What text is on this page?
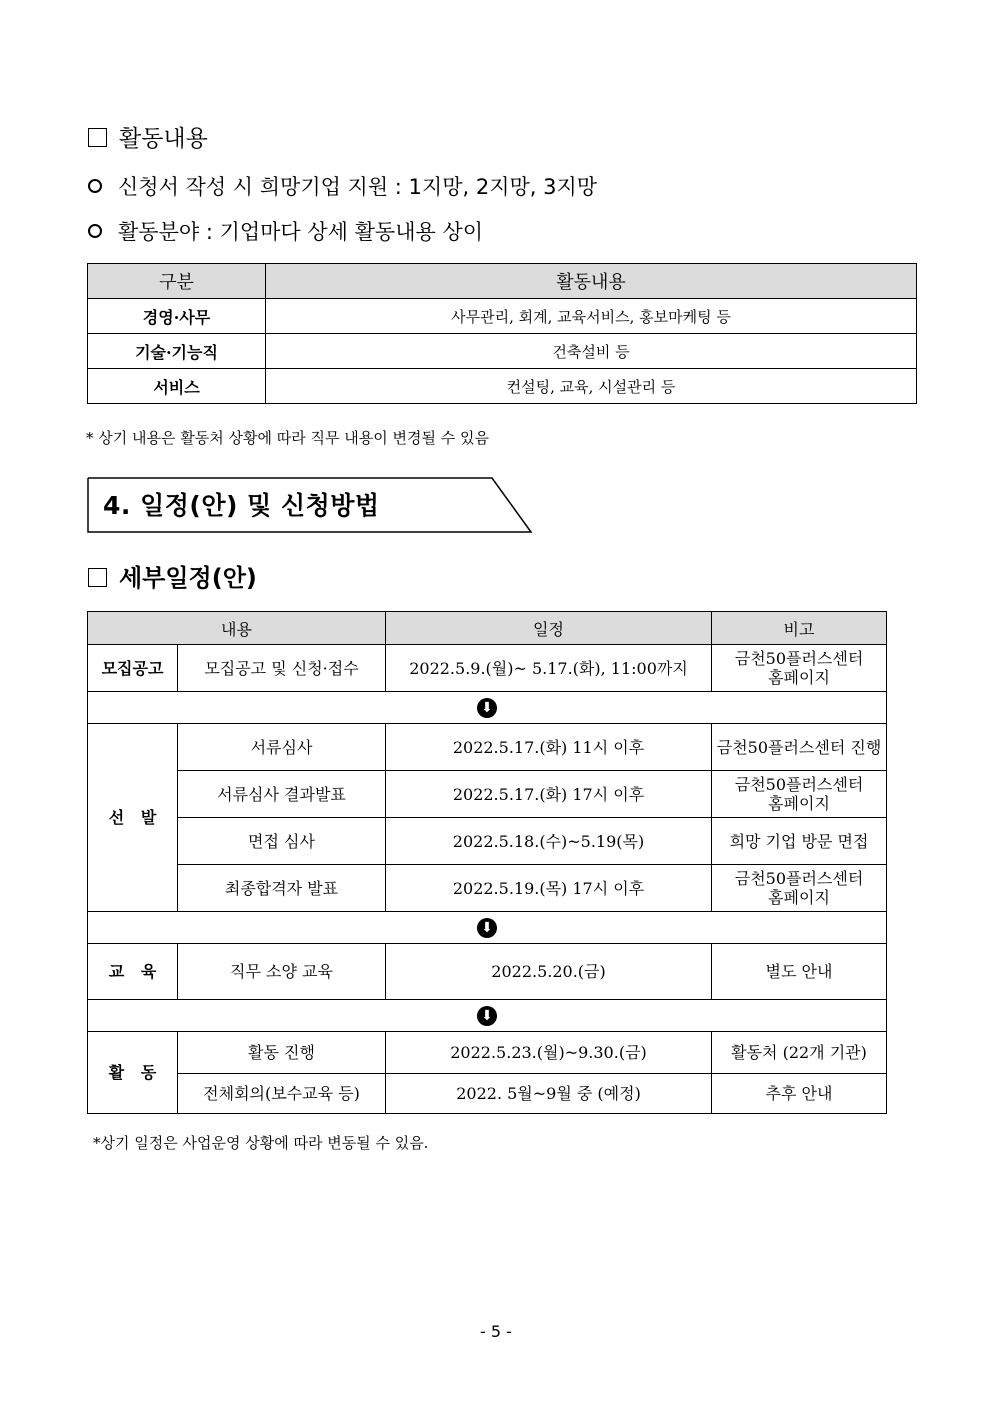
활동내용
신청서 작성 시 희망기업 지원 : 1지망, 2지망, 3지망
활동분야 : 기업마다 상세 활동내용 상이
구분	활동내용
경영·사무	사무관리, 회계, 교육서비스, 홍보마케팅 등
기술·기능직	건축설비 등
서비스	컨설팅, 교육, 시설관리 등
* 상기 내용은 활동처 상황에 따라 직무 내용이 변경될 수 있음
4. 일정(안) 및 신청방법
세부일정(안)
내용		일정	비고
모집공고	모집공고 및 신청·접수	2022.5.9.(월)~ 5.17.(화), 11:00까지	금천50플러스센터
홈페이지

⬇			
선   발	서류심사	2022.5.17.(화) 11시 이후	금천50플러스센터 진행
	서류심사 결과발표	2022.5.17.(화) 17시 이후	금천50플러스센터
홈페이지

	면접 심사	2022.5.18.(수)~5.19(목)	희망 기업 방문 면접
	최종합격자 발표	2022.5.19.(목) 17시 이후	금천50플러스센터
홈페이지

⬇			
교   육	직무 소양 교육	2022.5.20.(금)	별도 안내
⬇			
활   동	활동 진행	2022.5.23.(월)~9.30.(금)	활동처 (22개 기관)
	전체회의(보수교육 등)	2022. 5월~9월 중 (예정)	추후 안내
*상기 일정은 사업운영 상황에 따라 변동될 수 있음.
- 5 -
